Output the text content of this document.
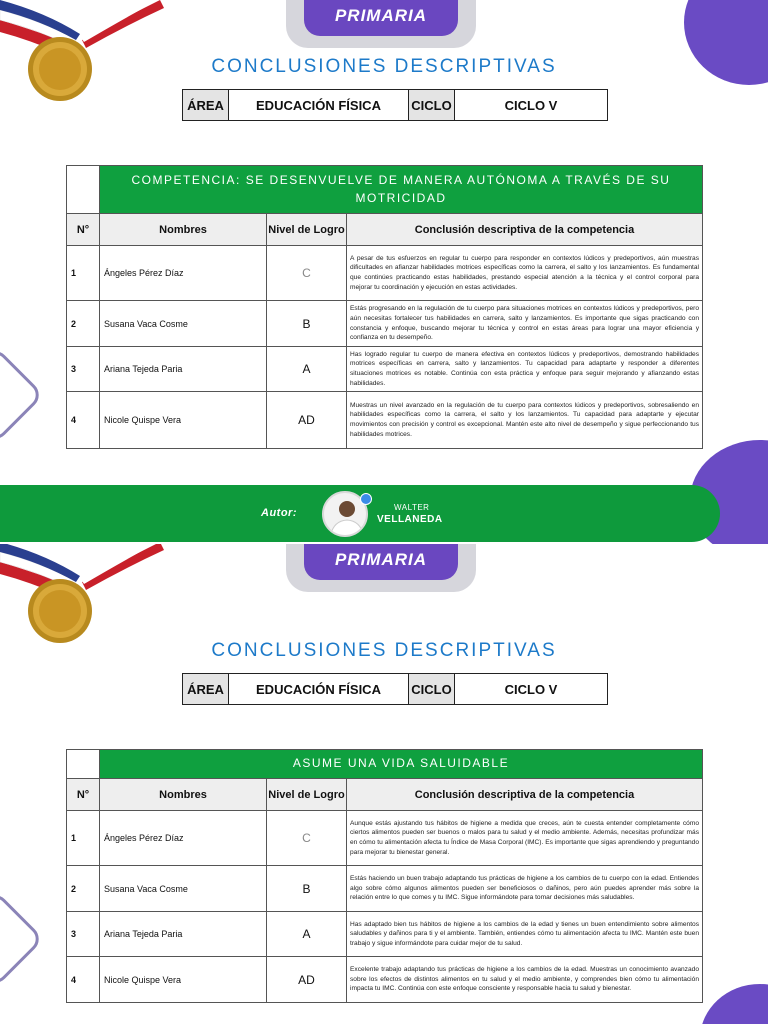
PRIMARIA
CONCLUSIONES DESCRIPTIVAS
ÁREA	EDUCACIÓN FÍSICA	CICLO	CICLO V
	COMPETENCIA: SE DESENVUELVE DE MANERA AUTÓNOMA A TRAVÉS DE SU MOTRICIDAD		
N°	Nombres	Nivel de Logro	Conclusión descriptiva de la competencia
1	Ángeles Pérez Díaz	C	A pesar de tus esfuerzos en regular tu cuerpo para responder en contextos lúdicos y predeportivos, aún muestras dificultades en afianzar habilidades motrices específicas como la carrera, el salto y los lanzamientos. Es fundamental que continúes practicando estas habilidades, prestando especial atención a la técnica y el control corporal para mejorar tu coordinación y ejecución en estas actividades.
2	Susana Vaca Cosme	B	Estás progresando en la regulación de tu cuerpo para situaciones motrices en contextos lúdicos y predeportivos, pero aún necesitas fortalecer tus habilidades en carrera, salto y lanzamientos. Es importante que sigas practicando con constancia y enfoque, buscando mejorar tu técnica y control en estas áreas para lograr una mayor eficiencia y confianza en tu desempeño.
3	Ariana Tejeda Paria	A	Has logrado regular tu cuerpo de manera efectiva en contextos lúdicos y predeportivos, demostrando habilidades motrices específicas en carrera, salto y lanzamientos. Tu capacidad para adaptarte y responder a diferentes situaciones motrices es notable. Continúa con esta práctica y enfoque para seguir mejorando y afianzando estas habilidades.
4	Nicole Quispe Vera	AD	Muestras un nivel avanzado en la regulación de tu cuerpo para contextos lúdicos y predeportivos, sobresaliendo en habilidades específicas como la carrera, el salto y los lanzamientos. Tu capacidad para adaptarte y ejecutar movimientos con precisión y control es excepcional. Mantén este alto nivel de desempeño y sigue perfeccionando tus habilidades motrices.
Autor:	WALTER
VELLANEDA
PRIMARIA
CONCLUSIONES DESCRIPTIVAS
ÁREA	EDUCACIÓN FÍSICA	CICLO	CICLO V
	ASUME UNA VIDA SALUIDABLE		
N°	Nombres	Nivel de Logro	Conclusión descriptiva de la competencia
1	Ángeles Pérez Díaz	C	Aunque estás ajustando tus hábitos de higiene a medida que creces, aún te cuesta entender completamente cómo ciertos alimentos pueden ser buenos o malos para tu salud y el medio ambiente. Además, necesitas profundizar más en cómo tu alimentación afecta tu Índice de Masa Corporal (IMC). Es importante que sigas aprendiendo y preguntando para mejorar tu bienestar general.
2	Susana Vaca Cosme	B	Estás haciendo un buen trabajo adaptando tus prácticas de higiene a los cambios de tu cuerpo con la edad. Entiendes algo sobre cómo algunos alimentos pueden ser beneficiosos o dañinos, pero aún puedes aprender más sobre la relación entre lo que comes y tu IMC. Sigue informándote para tomar decisiones más saludables.
3	Ariana Tejeda Paria	A	Has adaptado bien tus hábitos de higiene a los cambios de la edad y tienes un buen entendimiento sobre alimentos saludables y dañinos para ti y el ambiente. También, entiendes cómo tu alimentación afecta tu IMC. Mantén este buen trabajo y sigue informándote para cuidar mejor de tu salud.
4	Nicole Quispe Vera	AD	Excelente trabajo adaptando tus prácticas de higiene a los cambios de la edad. Muestras un conocimiento avanzado sobre los efectos de distintos alimentos en tu salud y el medio ambiente, y comprendes bien cómo tu alimentación impacta tu IMC. Continúa con este enfoque consciente y responsable hacia tu salud y bienestar.
